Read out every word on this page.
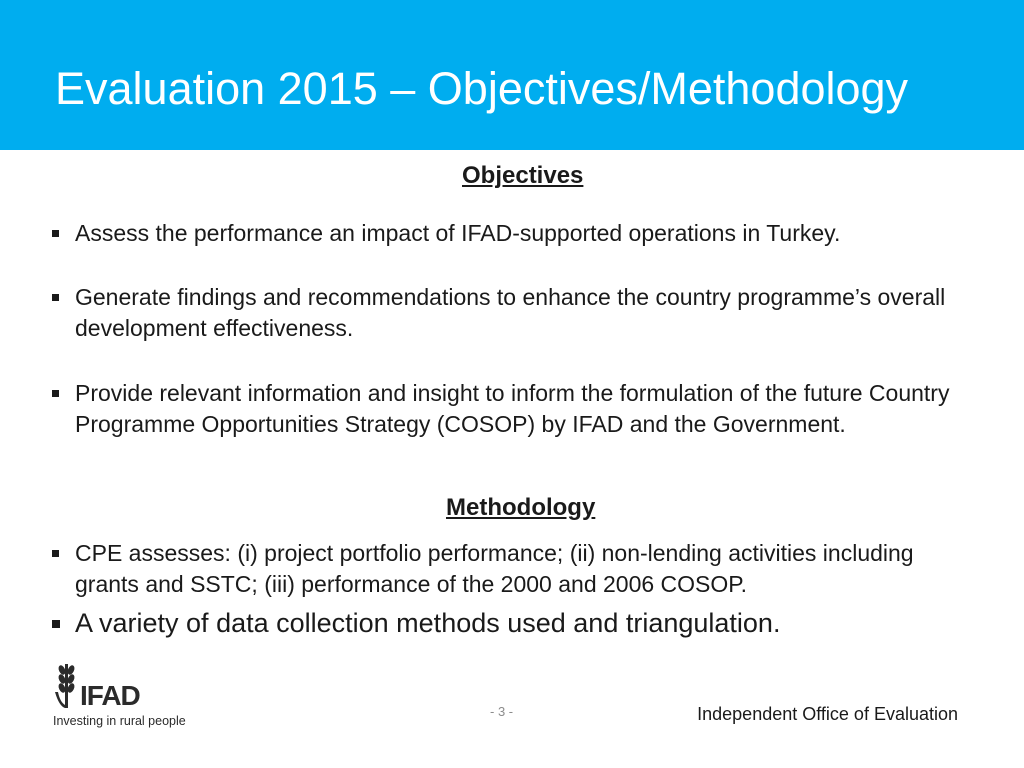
Evaluation 2015 – Objectives/Methodology
Objectives
Assess the performance an impact of IFAD-supported operations in Turkey.
Generate findings and recommendations to enhance the country programme’s overall development effectiveness.
Provide relevant information and insight to inform the formulation of the future Country Programme Opportunities Strategy (COSOP) by IFAD and the Government.
Methodology
CPE assesses: (i) project portfolio performance; (ii) non-lending activities including grants and SSTC; (iii) performance of the 2000 and 2006 COSOP.
A variety of data collection methods used and triangulation.
IFAD
Investing in rural people
- 3 -	Independent Office of Evaluation
